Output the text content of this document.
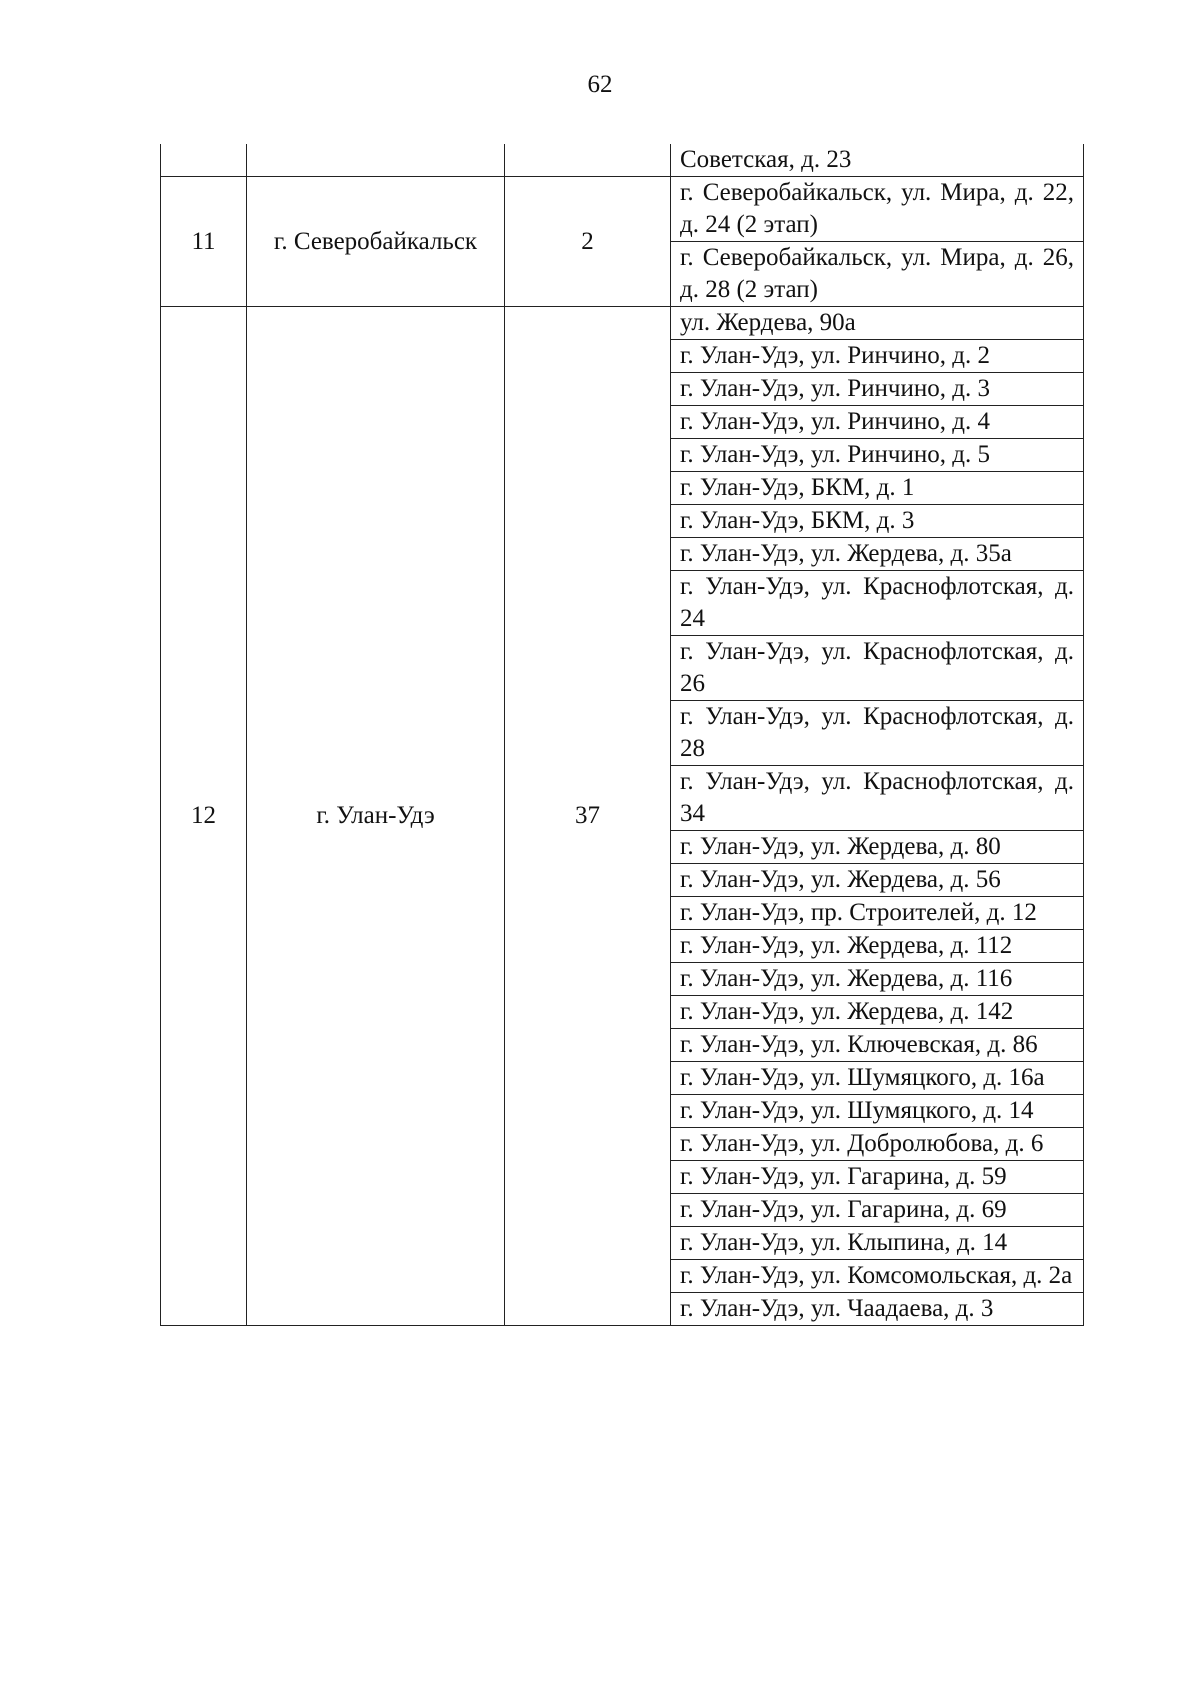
62
			Советская, д. 23
11	г. Северобайкальск	2	г. Северобайкальск, ул. Мира, д. 22, д. 24 (2 этап)
			г. Северобайкальск, ул. Мира, д. 26, д. 28 (2 этап)
12	г. Улан-Удэ	37	ул. Жердева, 90а
			г. Улан-Удэ, ул. Ринчино, д. 2
			г. Улан-Удэ, ул. Ринчино, д. 3
			г. Улан-Удэ, ул. Ринчино, д. 4
			г. Улан-Удэ, ул. Ринчино, д. 5
			г. Улан-Удэ, БКМ, д. 1
			г. Улан-Удэ, БКМ, д. 3
			г. Улан-Удэ, ул. Жердева, д. 35а
			г. Улан-Удэ, ул. Краснофлотская, д. 24
			г. Улан-Удэ, ул. Краснофлотская, д. 26
			г. Улан-Удэ, ул. Краснофлотская, д. 28
			г. Улан-Удэ, ул. Краснофлотская, д. 34
			г. Улан-Удэ, ул. Жердева, д. 80
			г. Улан-Удэ, ул. Жердева, д. 56
			г. Улан-Удэ, пр. Строителей, д. 12
			г. Улан-Удэ, ул. Жердева, д. 112
			г. Улан-Удэ, ул. Жердева, д. 116
			г. Улан-Удэ, ул. Жердева, д. 142
			г. Улан-Удэ, ул. Ключевская, д. 86
			г. Улан-Удэ, ул. Шумяцкого, д. 16а
			г. Улан-Удэ, ул. Шумяцкого, д. 14
			г. Улан-Удэ, ул. Добролюбова, д. 6
			г. Улан-Удэ, ул. Гагарина, д. 59
			г. Улан-Удэ, ул. Гагарина, д. 69
			г. Улан-Удэ, ул. Клыпина, д. 14
			г. Улан-Удэ, ул. Комсомольская, д. 2а
			г. Улан-Удэ, ул. Чаадаева, д. 3
